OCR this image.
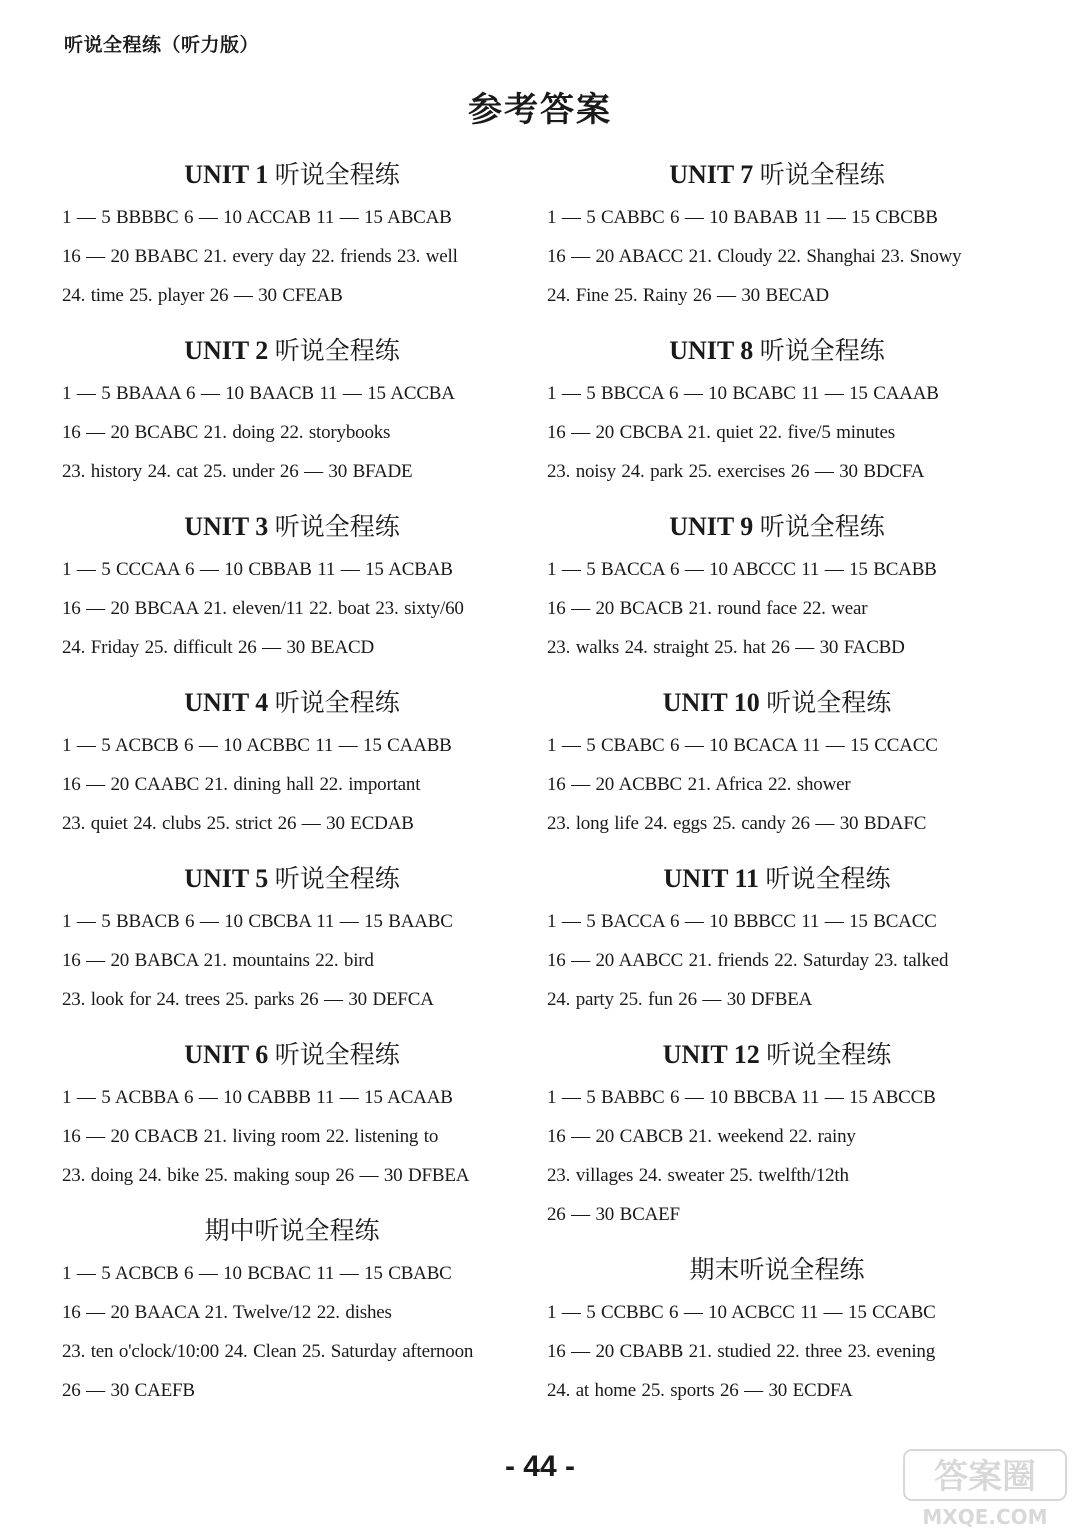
听说全程练（听力版）
参考答案
UNIT 1 听说全程练
1 — 5 BBBBC 6 — 10 ACCAB 11 — 15 ABCAB
16 — 20 BBABC 21. every day 22. friends 23. well
24. time 25. player 26 — 30 CFEAB
UNIT 2 听说全程练
1 — 5 BBAAA 6 — 10 BAACB 11 — 15 ACCBA
16 — 20 BCABC 21. doing 22. storybooks
23. history 24. cat 25. under 26 — 30 BFADE
UNIT 3 听说全程练
1 — 5 CCCAA 6 — 10 CBBAB 11 — 15 ACBAB
16 — 20 BBCAA 21. eleven/11 22. boat 23. sixty/60
24. Friday 25. difficult 26 — 30 BEACD
UNIT 4 听说全程练
1 — 5 ACBCB 6 — 10 ACBBC 11 — 15 CAABB
16 — 20 CAABC 21. dining hall 22. important
23. quiet 24. clubs 25. strict 26 — 30 ECDAB
UNIT 5 听说全程练
1 — 5 BBACB 6 — 10 CBCBA 11 — 15 BAABC
16 — 20 BABCA 21. mountains 22. bird
23. look for 24. trees 25. parks 26 — 30 DEFCA
UNIT 6 听说全程练
1 — 5 ACBBA 6 — 10 CABBB 11 — 15 ACAAB
16 — 20 CBACB 21. living room 22. listening to
23. doing 24. bike 25. making soup 26 — 30 DFBEA
期中听说全程练
1 — 5 ACBCB 6 — 10 BCBAC 11 — 15 CBABC
16 — 20 BAACA 21. Twelve/12 22. dishes
23. ten o'clock/10:00 24. Clean 25. Saturday afternoon
26 — 30 CAEFB
UNIT 7 听说全程练
1 — 5 CABBC 6 — 10 BABAB 11 — 15 CBCBB
16 — 20 ABACC 21. Cloudy 22. Shanghai 23. Snowy
24. Fine 25. Rainy 26 — 30 BECAD
UNIT 8 听说全程练
1 — 5 BBCCA 6 — 10 BCABC 11 — 15 CAAAB
16 — 20 CBCBA 21. quiet 22. five/5 minutes
23. noisy 24. park 25. exercises 26 — 30 BDCFA
UNIT 9 听说全程练
1 — 5 BACCA 6 — 10 ABCCC 11 — 15 BCABB
16 — 20 BCACB 21. round face 22. wear
23. walks 24. straight 25. hat 26 — 30 FACBD
UNIT 10 听说全程练
1 — 5 CBABC 6 — 10 BCACA 11 — 15 CCACC
16 — 20 ACBBC 21. Africa 22. shower
23. long life 24. eggs 25. candy 26 — 30 BDAFC
UNIT 11 听说全程练
1 — 5 BACCA 6 — 10 BBBCC 11 — 15 BCACC
16 — 20 AABCC 21. friends 22. Saturday 23. talked
24. party 25. fun 26 — 30 DFBEA
UNIT 12 听说全程练
1 — 5 BABBC 6 — 10 BBCBA 11 — 15 ABCCB
16 — 20 CABCB 21. weekend 22. rainy
23. villages 24. sweater 25. twelfth/12th
26 — 30 BCAEF
期末听说全程练
1 — 5 CCBBC 6 — 10 ACBCC 11 — 15 CCABC
16 — 20 CBABB 21. studied 22. three 23. evening
24. at home 25. sports 26 — 30 ECDFA
- 44 -	答案圈
MXQE.COM
